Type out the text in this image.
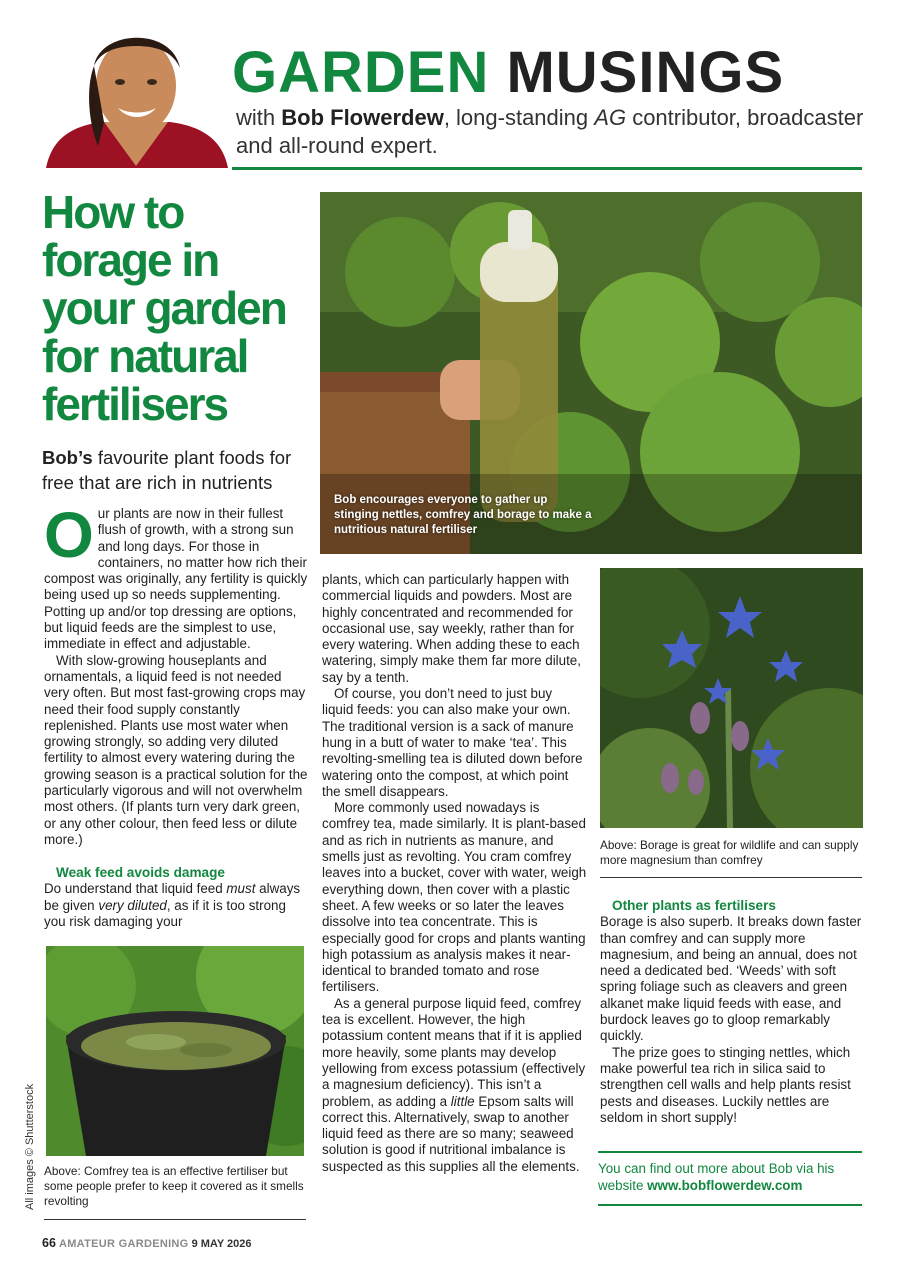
GARDEN MUSINGS
with Bob Flowerdew, long-standing AG contributor, broadcaster and all-round expert.
How to forage in your garden for natural fertilisers
Bob’s favourite plant foods for free that are rich in nutrients
Bob encourages everyone to gather up stinging nettles, comfrey and borage to make a nutritious natural fertiliser

Our plants are now in their fullest flush of growth, with a strong sun and long days. For those in containers, no matter how rich their compost was originally, any fertility is quickly being used up so needs supplementing. Potting up and/or top dressing are options, but liquid feeds are the simplest to use, immediate in effect and adjustable.

With slow-growing houseplants and ornamentals, a liquid feed is not needed very often. But most fast-growing crops may need their food supply constantly replenished. Plants use most water when growing strongly, so adding very diluted fertility to almost every watering during the growing season is a practical solution for the particularly vigorous and will not overwhelm most others. (If plants turn very dark green, or any other colour, then feed less or dilute more.)

Weak feed avoids damage

Do understand that liquid feed must always be given very diluted, as if it is too strong you risk damaging your

Above: Comfrey tea is an effective fertiliser but some people prefer to keep it covered as it smells revolting
All images © Shutterstock

plants, which can particularly happen with commercial liquids and powders. Most are highly concentrated and recommended for occasional use, say weekly, rather than for every watering. When adding these to each watering, simply make them far more dilute, say by a tenth.

Of course, you don’t need to just buy liquid feeds: you can also make your own. The traditional version is a sack of manure hung in a butt of water to make ‘tea’. This revolting-smelling tea is diluted down before watering onto the compost, at which point the smell disappears.

More commonly used nowadays is comfrey tea, made similarly. It is plant-based and as rich in nutrients as manure, and smells just as revolting. You cram comfrey leaves into a bucket, cover with water, weigh everything down, then cover with a plastic sheet. A few weeks or so later the leaves dissolve into tea concentrate. This is especially good for crops and plants wanting high potassium as analysis makes it near-identical to branded tomato and rose fertilisers.

As a general purpose liquid feed, comfrey tea is excellent. However, the high potassium content means that if it is applied more heavily, some plants may develop yellowing from excess potassium (effectively a magnesium deficiency). This isn’t a problem, as adding a little Epsom salts will correct this. Alternatively, swap to another liquid feed as there are so many; seaweed solution is good if nutritional imbalance is suspected as this supplies all the elements.

Above: Borage is great for wildlife and can supply more magnesium than comfrey

Other plants as fertilisers

Borage is also superb. It breaks down faster than comfrey and can supply more magnesium, and being an annual, does not need a dedicated bed. ‘Weeds’ with soft spring foliage such as cleavers and green alkanet make liquid feeds with ease, and burdock leaves go to gloop remarkably quickly.

The prize goes to stinging nettles, which make powerful tea rich in silica said to strengthen cell walls and help plants resist pests and diseases. Luckily nettles are seldom in short supply!

You can find out more about Bob via his website www.bobflowerdew.com
66 AMATEUR GARDENING 9 MAY 2026
